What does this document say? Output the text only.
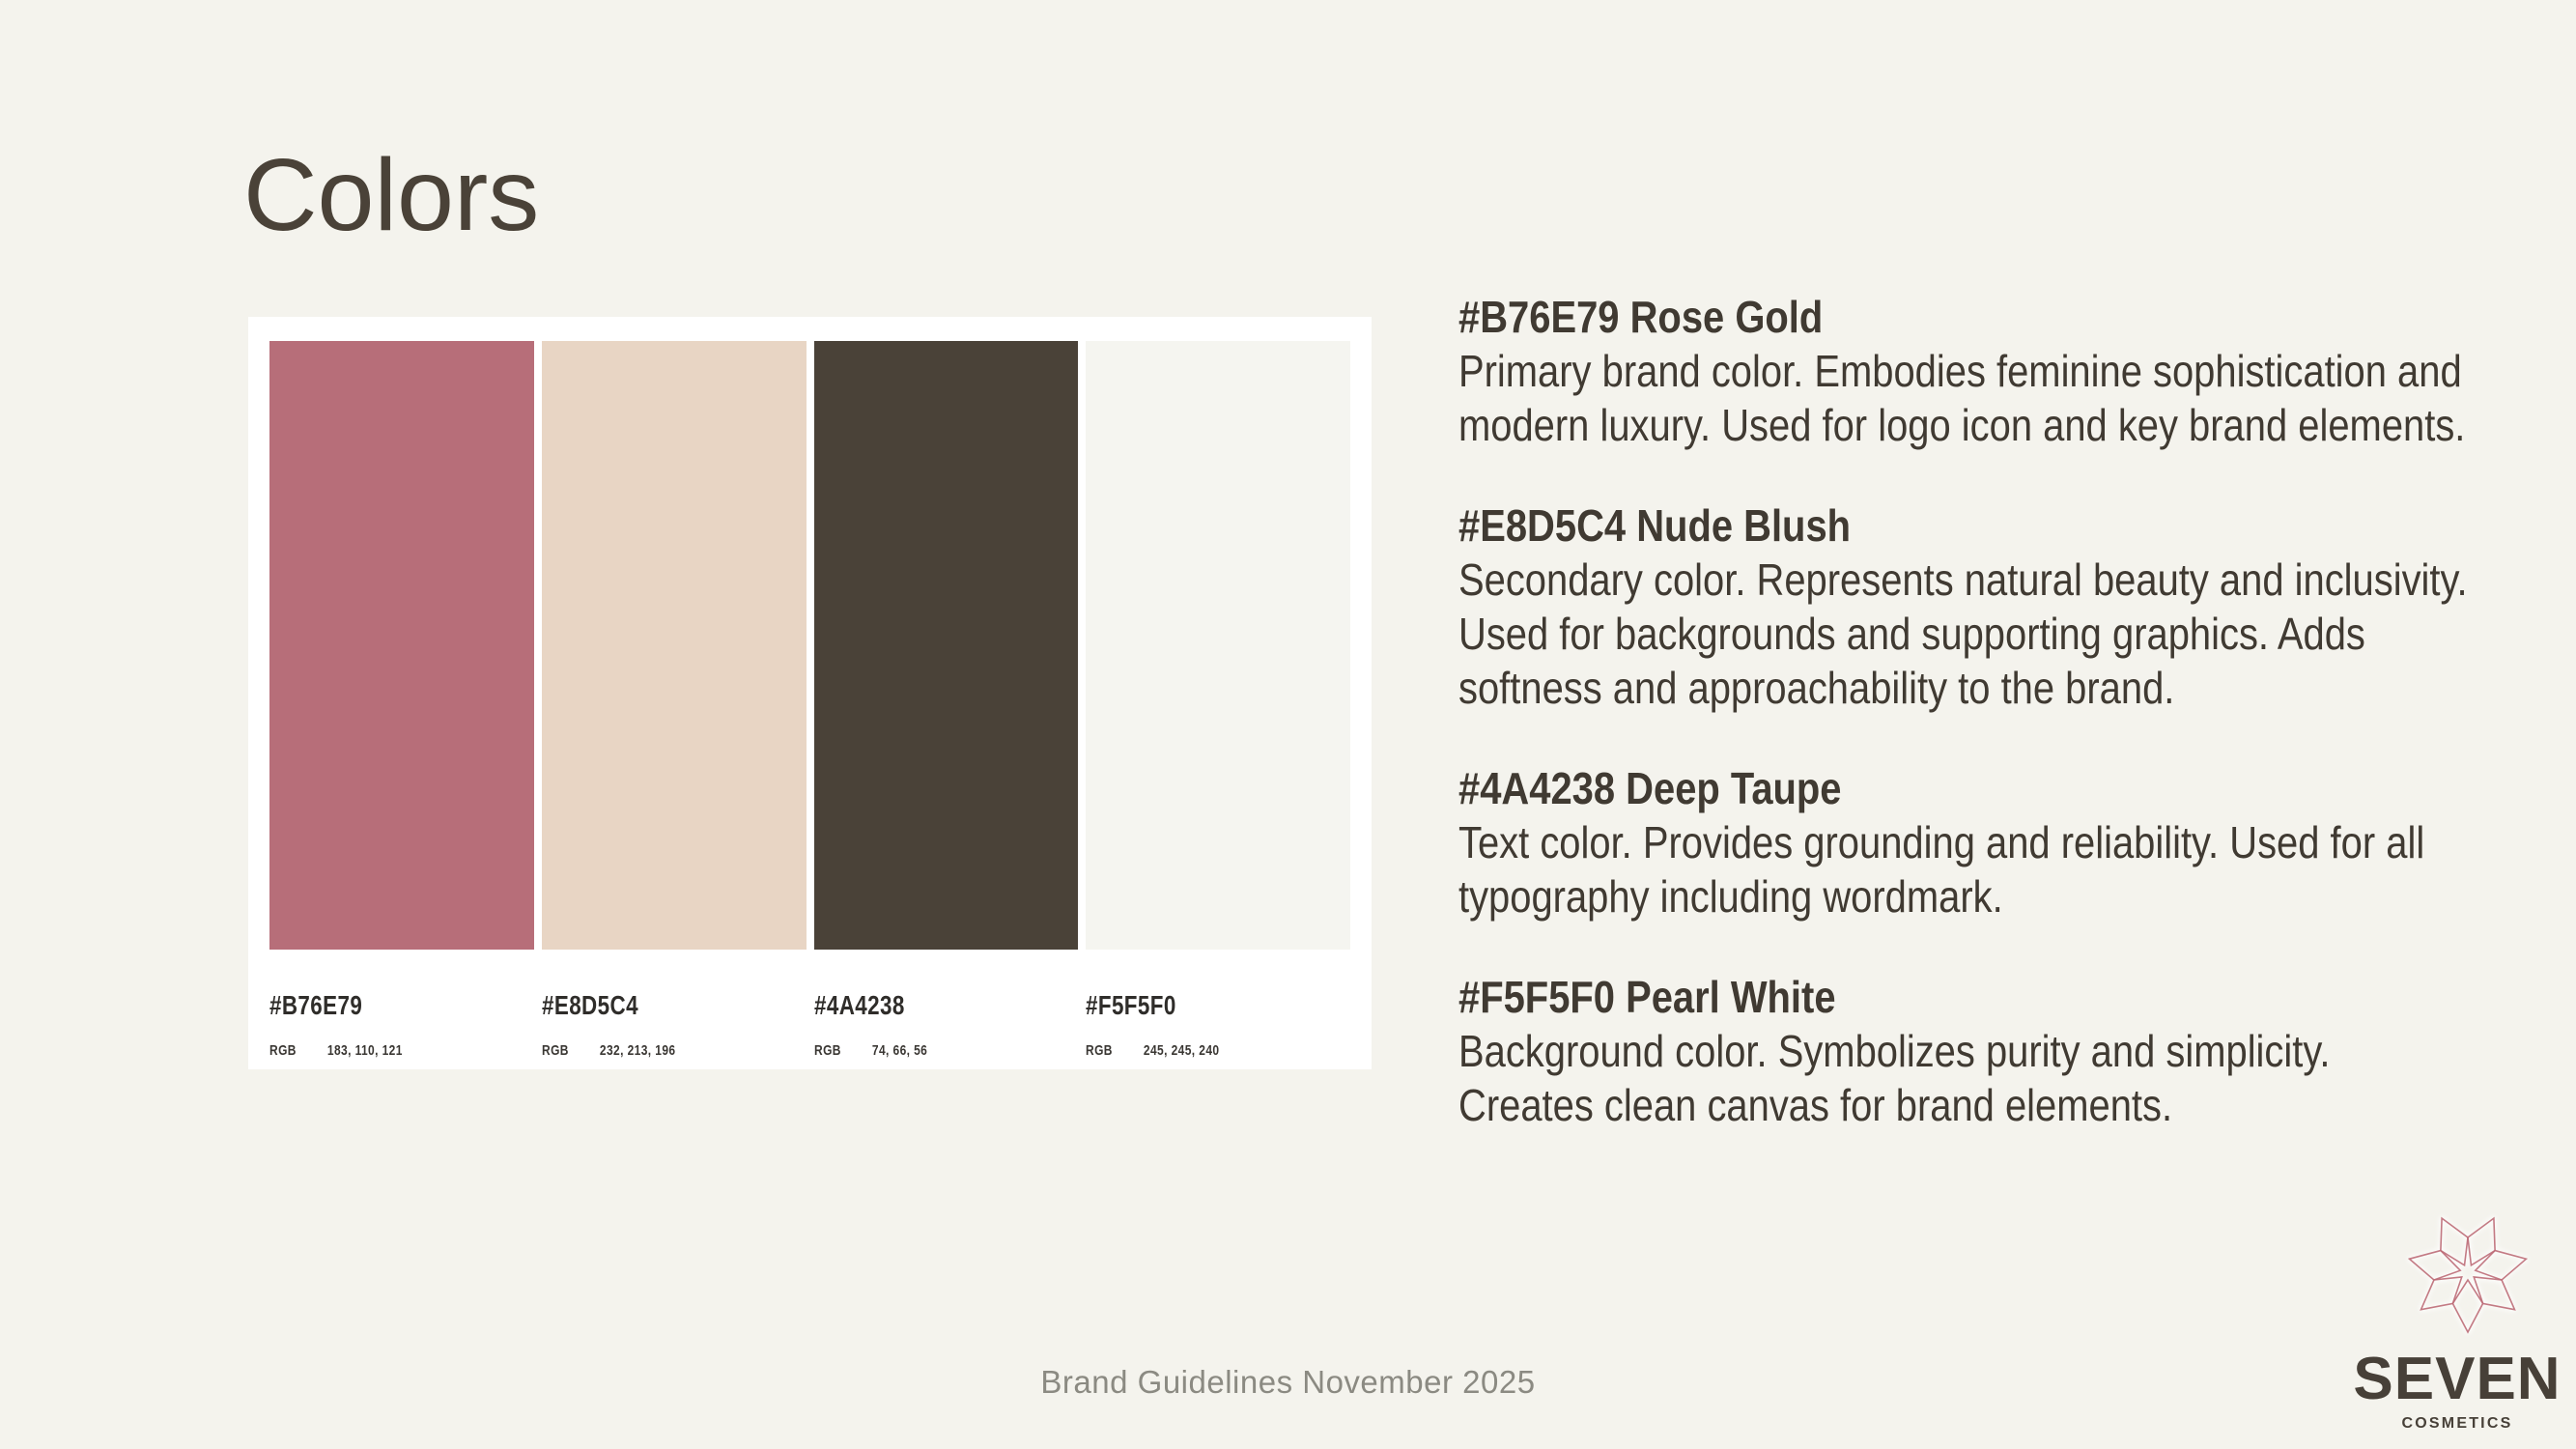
Colors
#B76E79
RGB 183, 110, 121
#E8D5C4
RGB 232, 213, 196
#4A4238
RGB 74, 66, 56
#F5F5F0
RGB 245, 245, 240
#B76E79 Rose Gold
Primary brand color. Embodies feminine sophistication and modern luxury. Used for logo icon and key brand elements.
#E8D5C4 Nude Blush
Secondary color. Represents natural beauty and inclusivity. Used for backgrounds and supporting graphics. Adds softness and approachability to the brand.
#4A4238 Deep Taupe
Text color. Provides grounding and reliability. Used for all typography including wordmark.
#F5F5F0 Pearl White
Background color. Symbolizes purity and simplicity. Creates clean canvas for brand elements.
Brand Guidelines November 2025	SEVEN
COSMETICS
